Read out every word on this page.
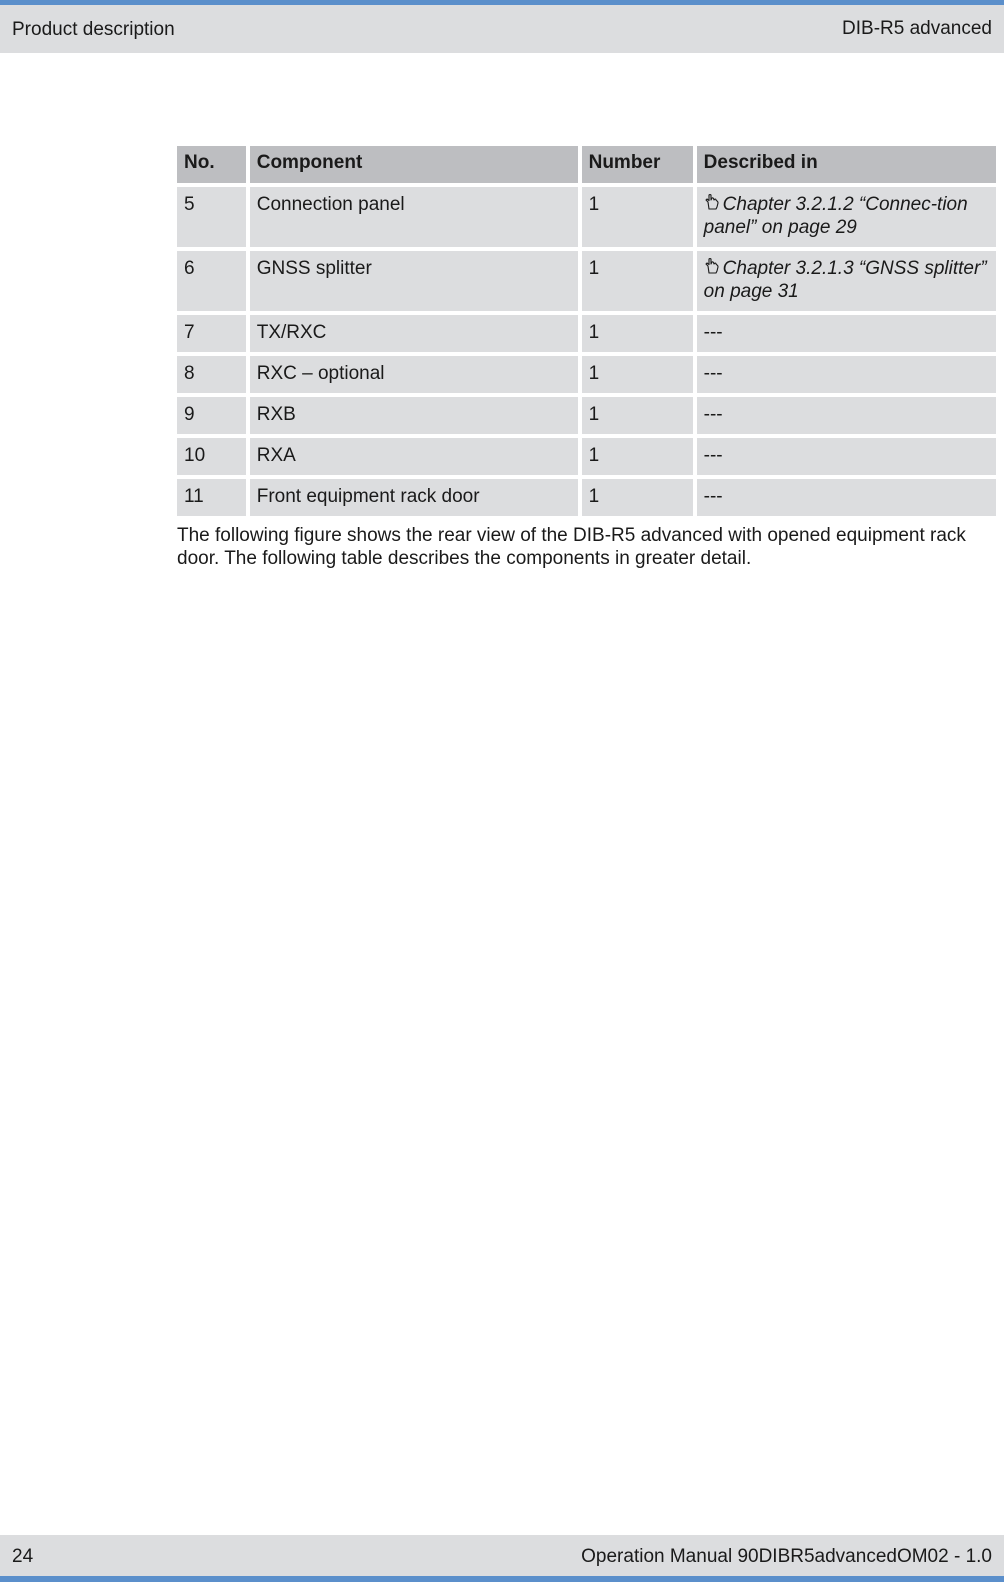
Product description	DIB-R5 advanced
No.	Component	Number	Described in
5	Connection panel	1	Chapter 3.2.1.2 “Connec-tion panel” on page 29
6	GNSS splitter	1	Chapter 3.2.1.3 “GNSS splitter” on page 31
7	TX/RXC	1	---
8	RXC – optional	1	---
9	RXB	1	---
10	RXA	1	---
11	Front equipment rack door	1	---

The following figure shows the rear view of the DIB-R5 advanced with opened equipment rack door. The following table describes the components in greater detail.

24	Operation Manual 90DIBR5advancedOM02 - 1.0
